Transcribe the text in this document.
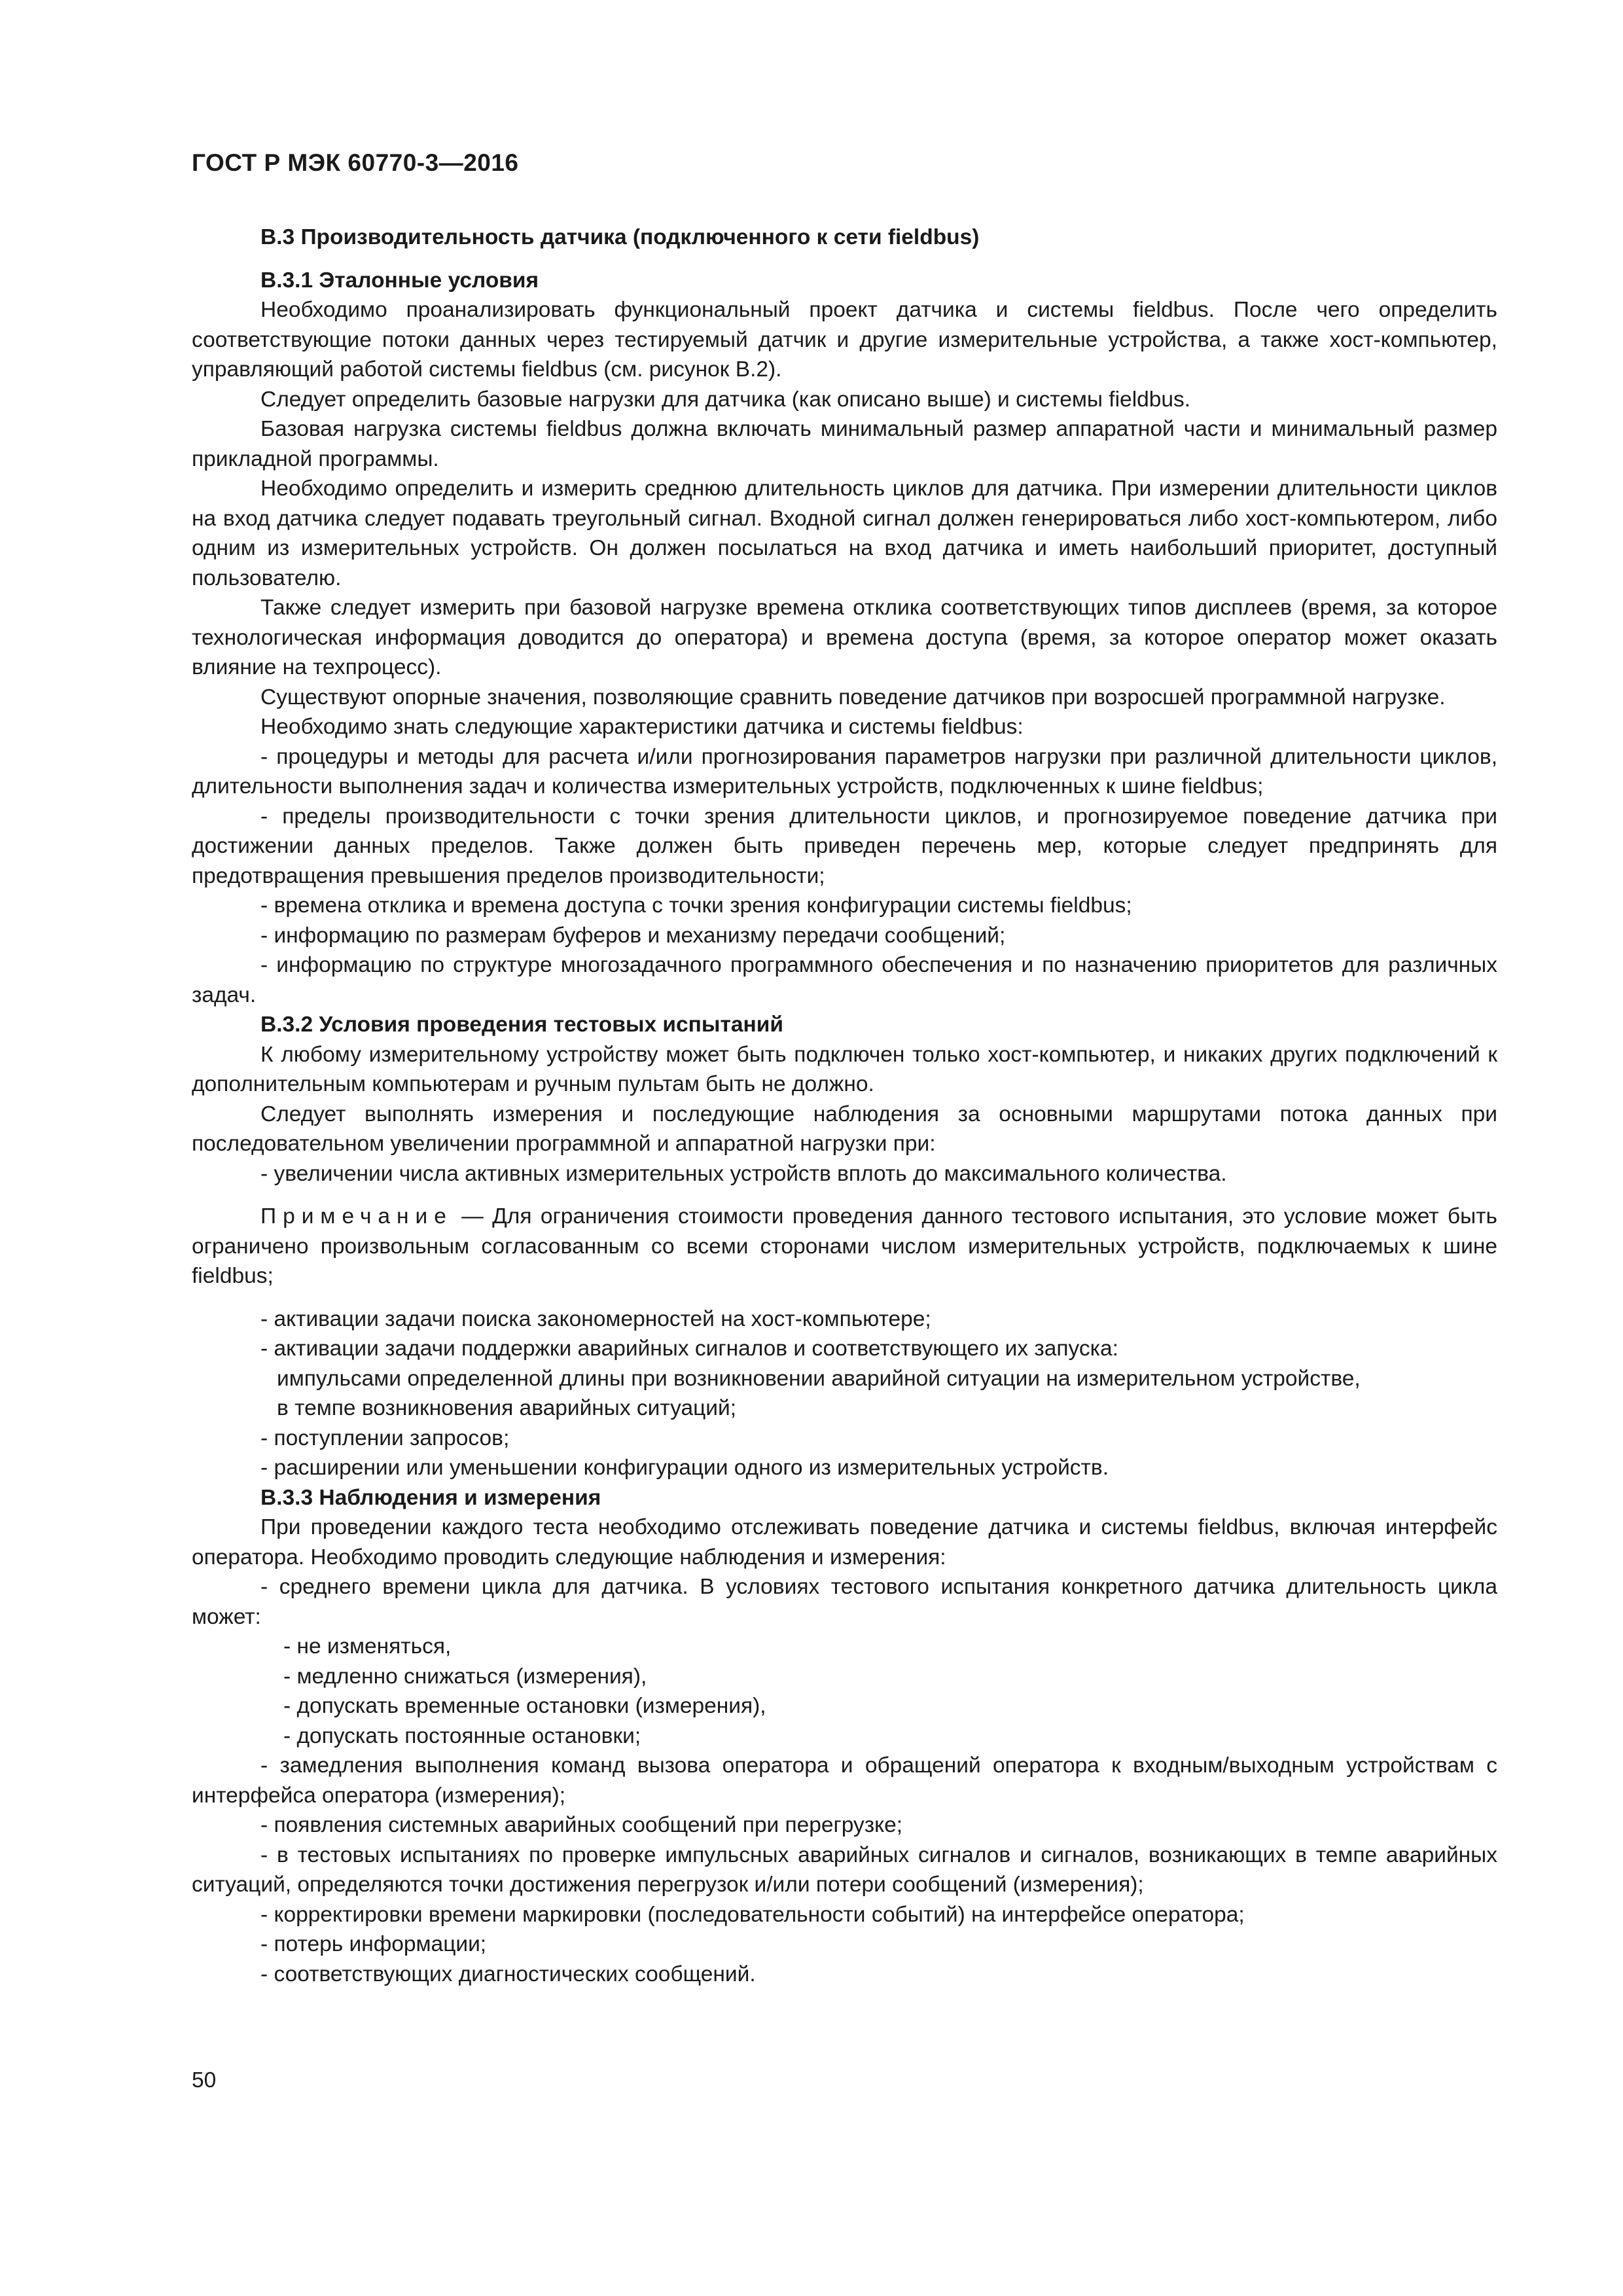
ГОСТ Р МЭК 60770-3—2016

В.3 Производительность датчика (подключенного к сети fieldbus)

В.3.1 Эталонные условия

Необходимо проанализировать функциональный проект датчика и системы fieldbus. После чего определить соответствующие потоки данных через тестируемый датчик и другие измерительные устройства, а также хост-компьютер, управляющий работой системы fieldbus (см. рисунок В.2).

Следует определить базовые нагрузки для датчика (как описано выше) и системы fieldbus.

Базовая нагрузка системы fieldbus должна включать минимальный размер аппаратной части и минимальный размер прикладной программы.

Необходимо определить и измерить среднюю длительность циклов для датчика. При измерении длительности циклов на вход датчика следует подавать треугольный сигнал. Входной сигнал должен генерироваться либо хост-компьютером, либо одним из измерительных устройств. Он должен посылаться на вход датчика и иметь наибольший приоритет, доступный пользователю.

Также следует измерить при базовой нагрузке времена отклика соответствующих типов дисплеев (время, за которое технологическая информация доводится до оператора) и времена доступа (время, за которое оператор может оказать влияние на техпроцесс).

Существуют опорные значения, позволяющие сравнить поведение датчиков при возросшей программной нагрузке.

Необходимо знать следующие характеристики датчика и системы fieldbus:

- процедуры и методы для расчета и/или прогнозирования параметров нагрузки при различной длительности циклов, длительности выполнения задач и количества измерительных устройств, подключенных к шине fieldbus;

- пределы производительности с точки зрения длительности циклов, и прогнозируемое поведение датчика при достижении данных пределов. Также должен быть приведен перечень мер, которые следует предпринять для предотвращения превышения пределов производительности;

- времена отклика и времена доступа с точки зрения конфигурации системы fieldbus;

- информацию по размерам буферов и механизму передачи сообщений;

- информацию по структуре многозадачного программного обеспечения и по назначению приоритетов для различных задач.

В.3.2 Условия проведения тестовых испытаний

К любому измерительному устройству может быть подключен только хост-компьютер, и никаких других подключений к дополнительным компьютерам и ручным пультам быть не должно.

Следует выполнять измерения и последующие наблюдения за основными маршрутами потока данных при последовательном увеличении программной и аппаратной нагрузки при:

- увеличении числа активных измерительных устройств вплоть до максимального количества.

Примечание — Для ограничения стоимости проведения данного тестового испытания, это условие может быть ограничено произвольным согласованным со всеми сторонами числом измерительных устройств, подключаемых к шине fieldbus;

- активации задачи поиска закономерностей на хост-компьютере;

- активации задачи поддержки аварийных сигналов и соответствующего их запуска:

импульсами определенной длины при возникновении аварийной ситуации на измерительном устройстве,

в темпе возникновения аварийных ситуаций;

- поступлении запросов;

- расширении или уменьшении конфигурации одного из измерительных устройств.

В.3.3 Наблюдения и измерения

При проведении каждого теста необходимо отслеживать поведение датчика и системы fieldbus, включая интерфейс оператора. Необходимо проводить следующие наблюдения и измерения:

- среднего времени цикла для датчика. В условиях тестового испытания конкретного датчика длительность цикла может:

- не изменяться,

- медленно снижаться (измерения),

- допускать временные остановки (измерения),

- допускать постоянные остановки;

- замедления выполнения команд вызова оператора и обращений оператора к входным/выходным устройствам с интерфейса оператора (измерения);

- появления системных аварийных сообщений при перегрузке;

- в тестовых испытаниях по проверке импульсных аварийных сигналов и сигналов, возникающих в темпе аварийных ситуаций, определяются точки достижения перегрузок и/или потери сообщений (измерения);

- корректировки времени маркировки (последовательности событий) на интерфейсе оператора;

- потерь информации;

- соответствующих диагностических сообщений.

50
